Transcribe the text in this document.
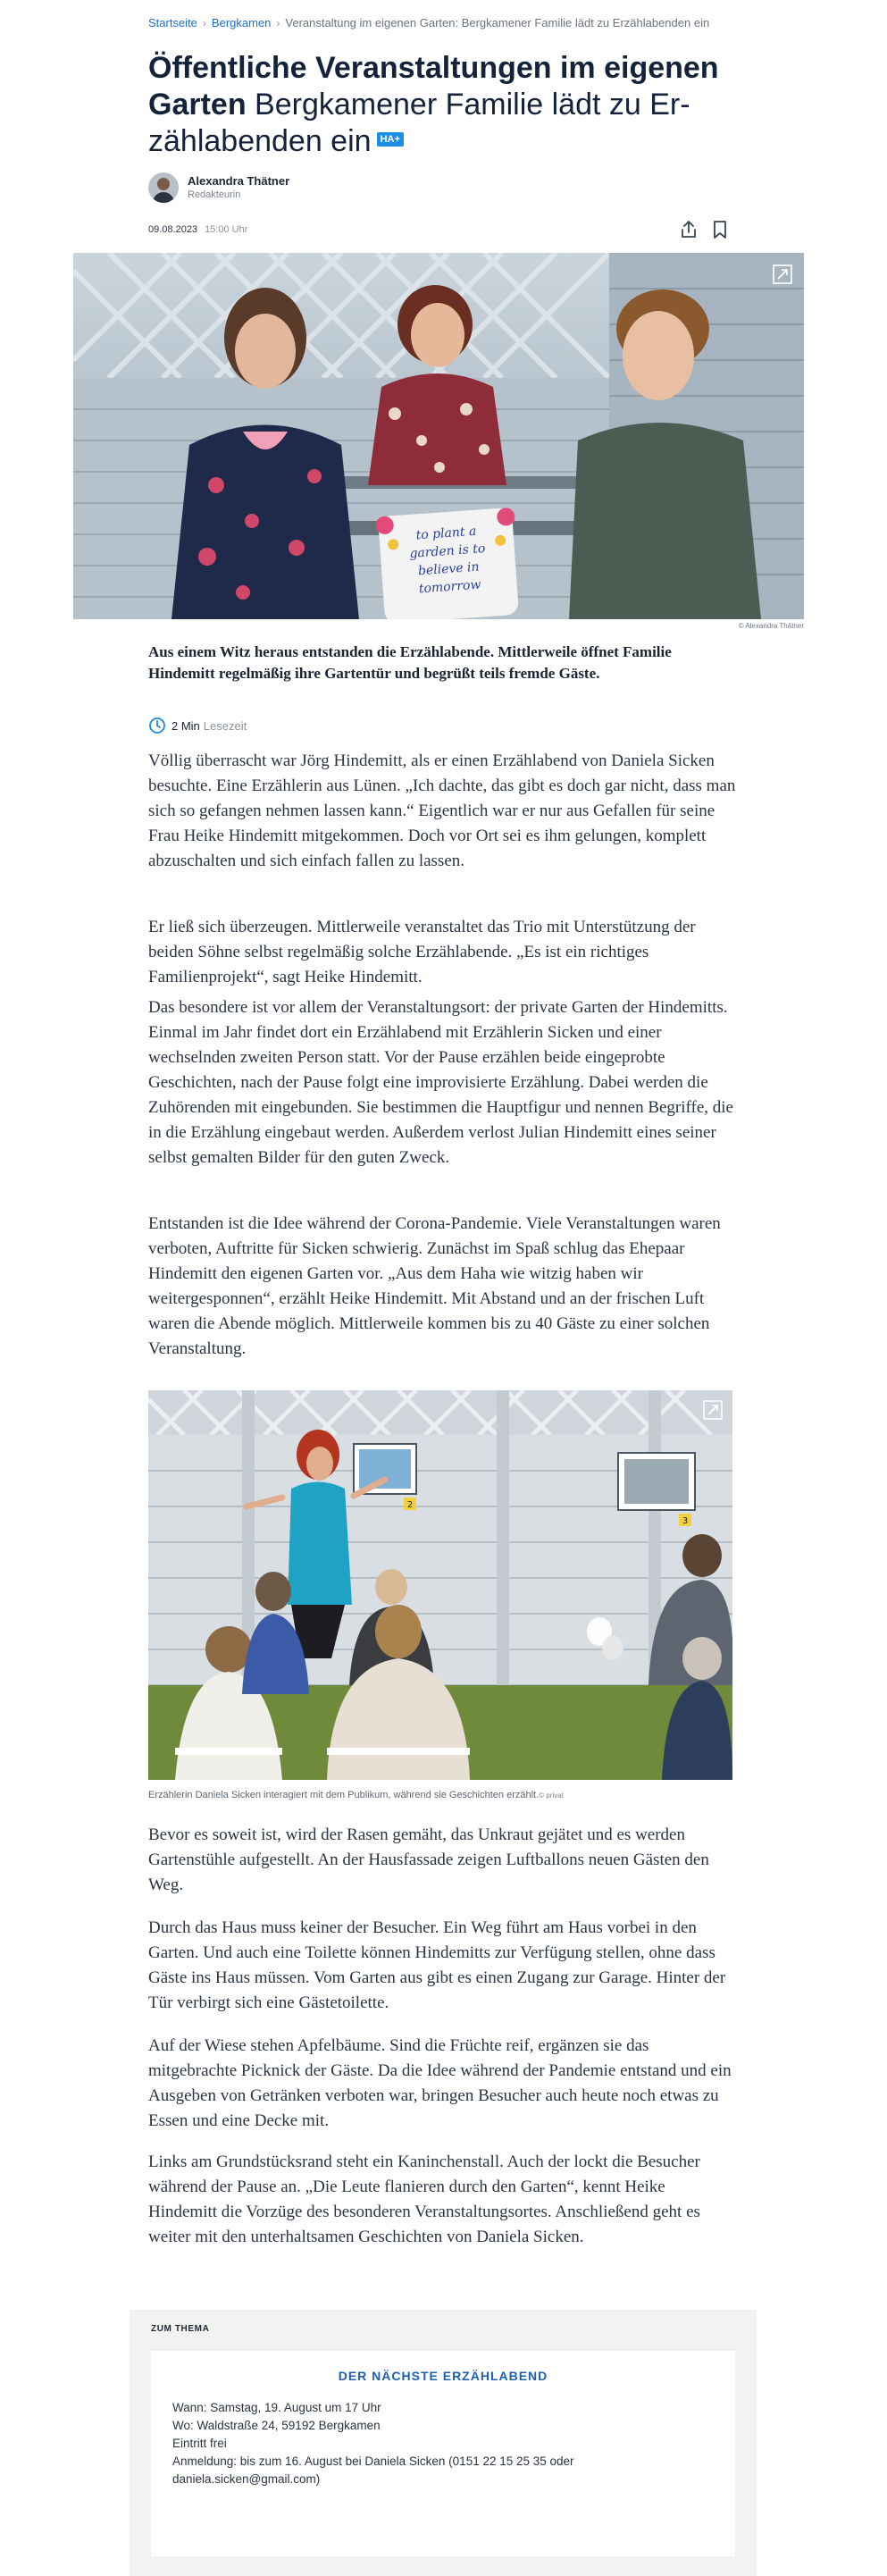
Startseite › Bergkamen › Veranstaltung im eigenen Garten: Bergkamener Familie lädt zu Erzählabenden ein
Öffentliche Veranstaltungen im eigenen Garten Bergkamener Familie lädt zu Erzählabenden ein HA+
Alexandra Thätner
Redakteurin
09.08.2023 15:00 Uhr
to plant a
garden is to
believe in
tomorrow
© Alexandra Thätner

Aus einem Witz heraus entstanden die Erzählabende. Mittlerweile öffnet Familie Hindemitt regelmäßig ihre Gartentür und begrüßt teils fremde Gäste.

2 Min Lesezeit

Völlig überrascht war Jörg Hindemitt, als er einen Erzählabend von Daniela Sicken besuchte. Eine Erzählerin aus Lünen. „Ich dachte, das gibt es doch gar nicht, dass man sich so gefangen nehmen lassen kann.“ Eigentlich war er nur aus Gefallen für seine Frau Heike Hindemitt mitgekommen. Doch vor Ort sei es ihm gelungen, komplett abzuschalten und sich einfach fallen zu lassen.

Er ließ sich überzeugen. Mittlerweile veranstaltet das Trio mit Unterstützung der beiden Söhne selbst regelmäßig solche Erzählabende. „Es ist ein richtiges Familienprojekt“, sagt Heike Hindemitt.

Das besondere ist vor allem der Veranstaltungsort: der private Garten der Hindemitts. Einmal im Jahr findet dort ein Erzählabend mit Erzählerin Sicken und einer wechselnden zweiten Person statt. Vor der Pause erzählen beide eingeprobte Geschichten, nach der Pause folgt eine improvisierte Erzählung. Dabei werden die Zuhörenden mit eingebunden. Sie bestimmen die Hauptfigur und nennen Begriffe, die in die Erzählung eingebaut werden. Außerdem verlost Julian Hindemitt eines seiner selbst gemalten Bilder für den guten Zweck.

Entstanden ist die Idee während der Corona-Pandemie. Viele Veranstaltungen waren verboten, Auftritte für Sicken schwierig. Zunächst im Spaß schlug das Ehepaar Hindemitt den eigenen Garten vor. „Aus dem Haha wie witzig haben wir weitergesponnen“, erzählt Heike Hindemitt. Mit Abstand und an der frischen Luft waren die Abende möglich. Mittlerweile kommen bis zu 40 Gäste zu einer solchen Veranstaltung.

2
3
Erzählerin Daniela Sicken interagiert mit dem Publikum, während sie Geschichten erzählt.© privat

Bevor es soweit ist, wird der Rasen gemäht, das Unkraut gejätet und es werden Gartenstühle aufgestellt. An der Hausfassade zeigen Luftballons neuen Gästen den Weg.

Durch das Haus muss keiner der Besucher. Ein Weg führt am Haus vorbei in den Garten. Und auch eine Toilette können Hindemitts zur Verfügung stellen, ohne dass Gäste ins Haus müssen. Vom Garten aus gibt es einen Zugang zur Garage. Hinter der Tür verbirgt sich eine Gästetoilette.

Auf der Wiese stehen Apfelbäume. Sind die Früchte reif, ergänzen sie das mitgebrachte Picknick der Gäste. Da die Idee während der Pandemie entstand und ein Ausgeben von Getränken verboten war, bringen Besucher auch heute noch etwas zu Essen und eine Decke mit.

Links am Grundstücksrand steht ein Kaninchenstall. Auch der lockt die Besucher während der Pause an. „Die Leute flanieren durch den Garten“, kennt Heike Hindemitt die Vorzüge des besonderen Veranstaltungsortes. Anschließend geht es weiter mit den unterhaltsamen Geschichten von Daniela Sicken.

ZUM THEMA
DER NÄCHSTE ERZÄHLABEND
Wann: Samstag, 19. August um 17 Uhr
Wo: Waldstraße 24, 59192 Bergkamen
Eintritt frei
Anmeldung: bis zum 16. August bei Daniela Sicken (0151 22 15 25 35 oder daniela.sicken@gmail.com)
